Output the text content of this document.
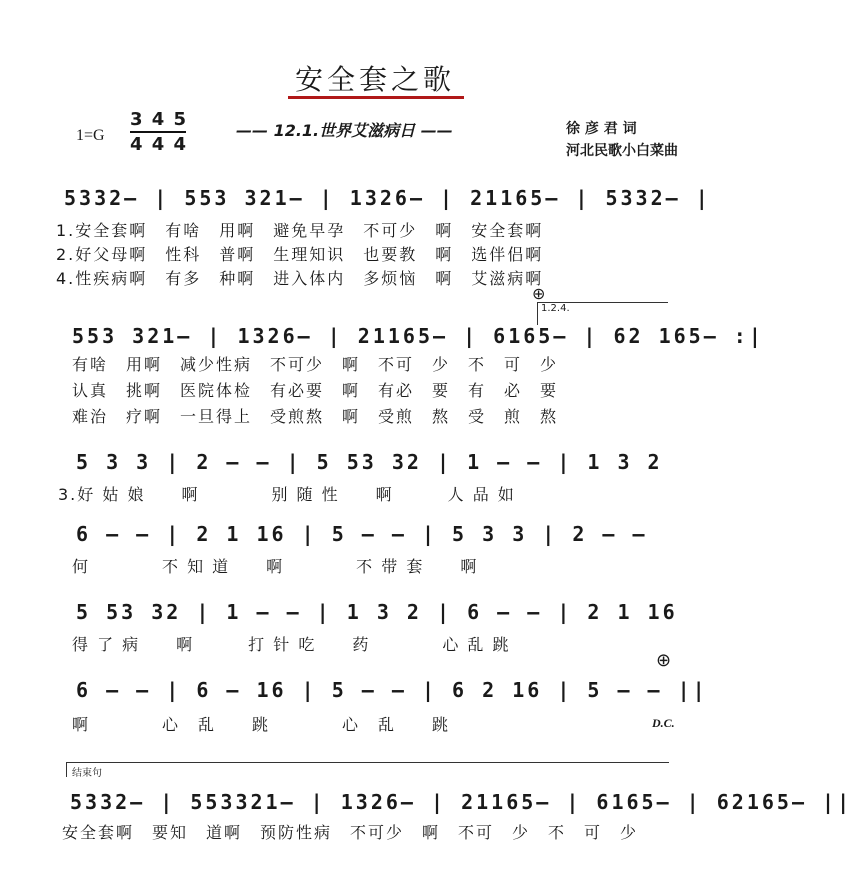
安全套之歌
1=G
3 4 5
4 4 4
—— 12.1.世界艾滋病日 ——	徐 彦 君 词
河北民歌小白菜曲
5332– | 553 321– | 1326– | 21165– | 5332– |
1.安全套啊　有啥　用啊　避免早孕　不可少　啊　安全套啊
2.好父母啊　性科　普啊　生理知识　也要教　啊　选伴侣啊
4.性疾病啊　有多　种啊　进入体内　多烦恼　啊　艾滋病啊
⊕
1.2.4.
553 321– | 1326– | 21165– | 6165– | 62 165– :|
有啥　用啊　减少性病　不可少　啊　不可　少　不　可　少
认真　挑啊　医院体检　有必要　啊　有必　要　有　必　要
难治　疗啊　一旦得上　受煎熬　啊　受煎　熬　受　煎　熬
5 3 3 | 2 – – | 5 53 32 | 1 – – | 1 3 2
3.好 姑 娘　　啊　　　　别 随 性　　啊　　　人 品 如
6 – – | 2 1 16 | 5 – – | 5 3 3 | 2 – –
何　　　　不 知 道　　啊　　　　不 带 套　　啊
5 53 32 | 1 – – | 1 3 2 | 6 – – | 2 1 16
得 了 病　　啊　　　打 针 吃　　药　　　　心 乱 跳
⊕
6 – – | 6 – 16 | 5 – – | 6 2 16 | 5 – – ||
啊　　　　心　乱　　跳　　　　心　乱　　跳	D.C.
结束句
5332– | 553321– | 1326– | 21165– | 6165– | 62165– ||
安全套啊　要知　道啊　预防性病　不可少　啊　不可　少　不　可　少
